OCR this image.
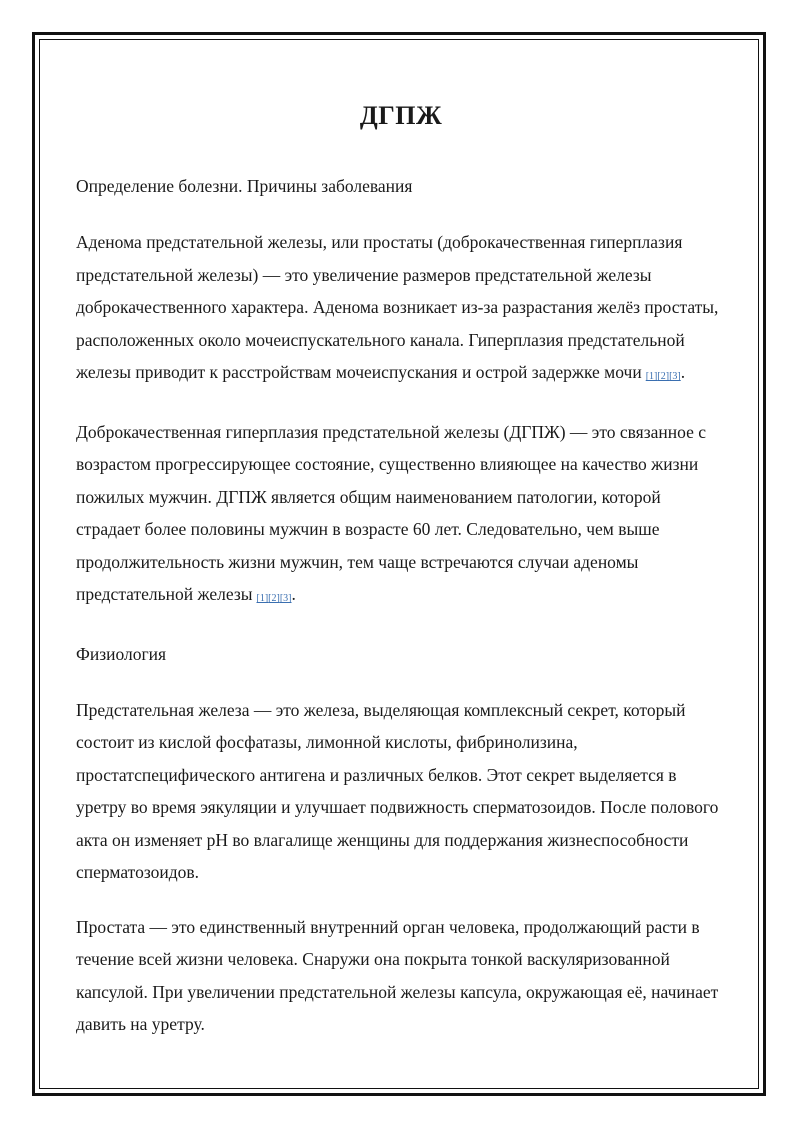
ДГПЖ
Определение болезни. Причины заболевания

Аденома предстательной железы, или простаты (доброкачественная гиперплазия предстательной железы) — это увеличение размеров предстательной железы доброкачественного характера. Аденома возникает из-за разрастания желёз простаты, расположенных около мочеиспускательного канала. Гиперплазия предстательной железы приводит к расстройствам мочеиспускания и острой задержке мочи [1][2][3].

Доброкачественная гиперплазия предстательной железы (ДГПЖ) — это связанное с возрастом прогрессирующее состояние, существенно влияющее на качество жизни пожилых мужчин. ДГПЖ является общим наименованием патологии, которой страдает более половины мужчин в возрасте 60 лет. Следовательно, чем выше продолжительность жизни мужчин, тем чаще встречаются случаи аденомы предстательной железы [1][2][3].

Физиология

Предстательная железа — это железа, выделяющая комплексный секрет, который состоит из кислой фосфатазы, лимонной кислоты, фибринолизина, простатспецифического антигена и различных белков. Этот секрет выделяется в уретру во время эякуляции и улучшает подвижность сперматозоидов. После полового акта он изменяет pH во влагалище женщины для поддержания жизнеспособности сперматозоидов.

Простата — это единственный внутренний орган человека, продолжающий расти в течение всей жизни человека. Снаружи она покрыта тонкой васкуляризованной капсулой. При увеличении предстательной железы капсула, окружающая её, начинает давить на уретру.
